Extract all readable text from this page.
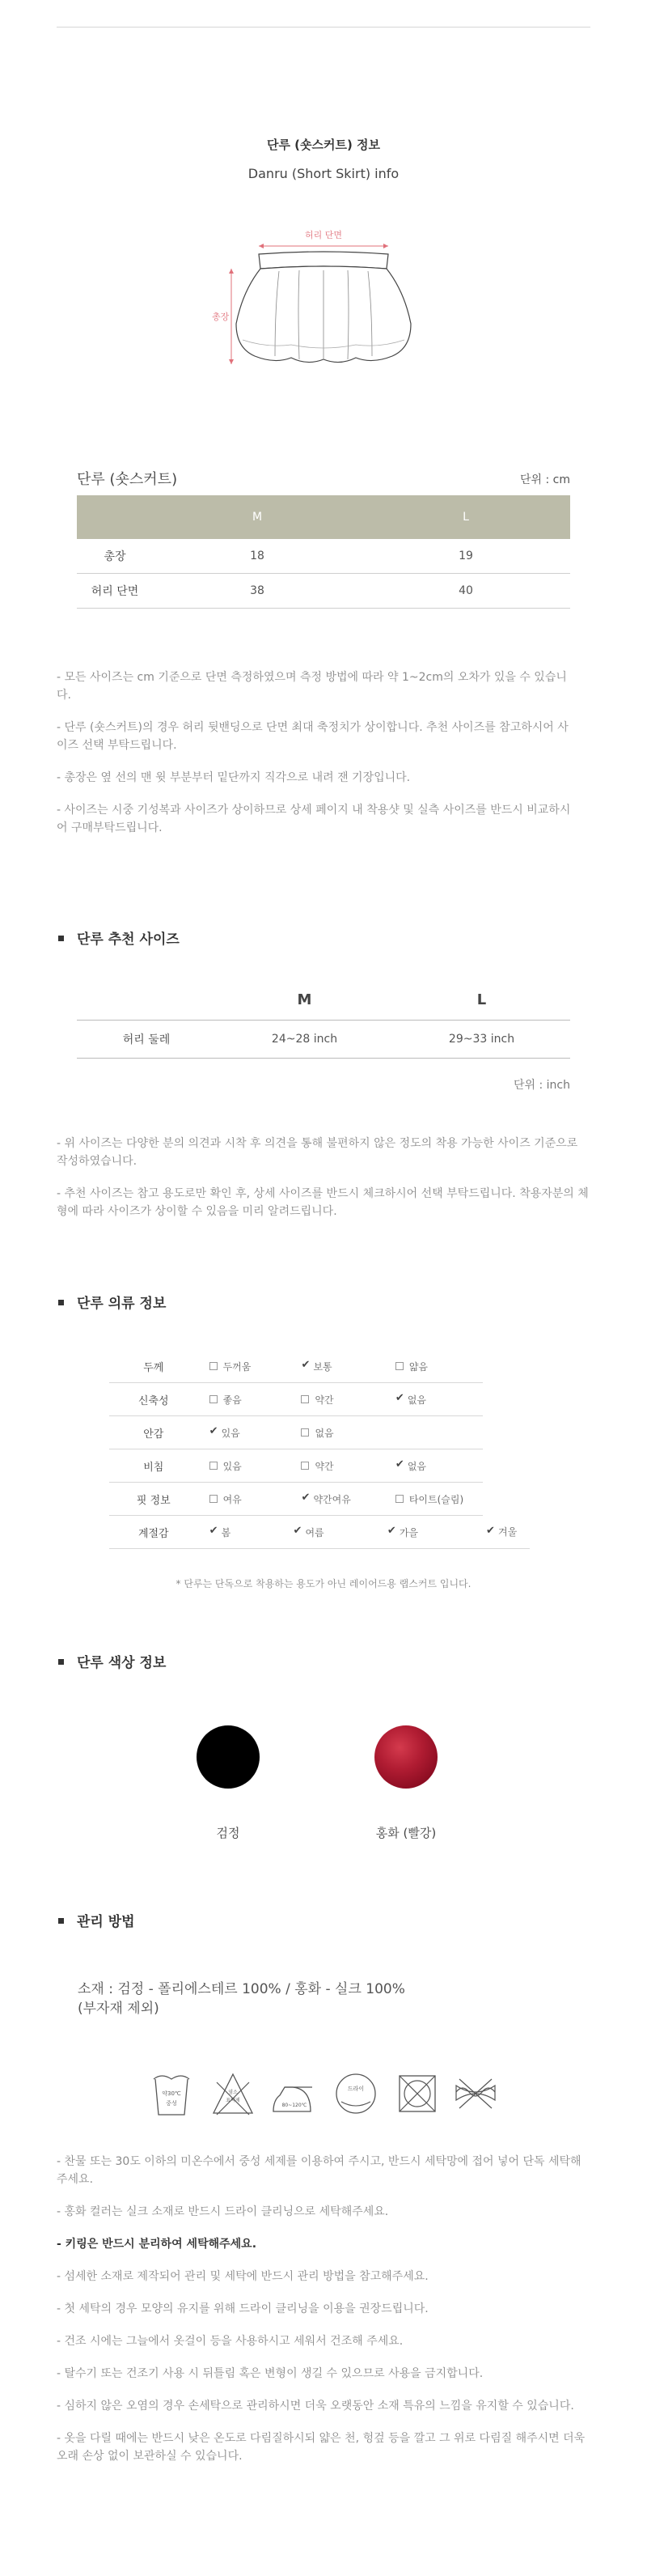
단루 (숏스커트) 정보
Danru (Short Skirt) info
허리 단면
총장
단루 (숏스커트)	단위 : cm
	M	L
총장	18	19
허리 단면	38	40

- 모든 사이즈는 cm 기준으로 단면 측정하였으며 측정 방법에 따라 약 1~2cm의 오차가 있을 수 있습니다.

- 단루 (숏스커트)의 경우 허리 뒷밴딩으로 단면 최대 축정치가 상이합니다. 추천 사이즈를 참고하시어 사이즈 선택 부탁드립니다.

- 총장은 옆 선의 맨 윗 부분부터 밑단까지 직각으로 내려 잰 기장입니다.

- 사이즈는 시중 기성복과 사이즈가 상이하므로 상세 페이지 내 착용샷 및 실측 사이즈를 반드시 비교하시어 구매부탁드립니다.

단루 추천 사이즈
	M	L
허리 둘레	24~28 inch	29~33 inch
단위 : inch

- 위 사이즈는 다양한 분의 의견과 시착 후 의견을 통해 불편하지 않은 정도의 착용 가능한 사이즈 기준으로 작성하였습니다.

- 추천 사이즈는 참고 용도로만 확인 후, 상세 사이즈를 반드시 체크하시어 선택 부탁드립니다. 착용자분의 체형에 따라 사이즈가 상이할 수 있음을 미리 알려드립니다.

단루 의류 정보
두께	두꺼움	✔ 보통	얇음	
신축성	좋음	약간	✔ 없음	
안감	✔ 있음	없음		
비침	있음	약간	✔ 없음	
핏 정보	여유	✔ 약간여유	타이트(슬림)	
계절감	✔ 봄	✔ 여름	✔ 가을	✔ 겨울
* 단루는 단독으로 착용하는 용도가 아닌 레이어드용 랩스커트 입니다.
단루 색상 정보
검정	홍화 (빨강)
관리 방법
소재 : 검정 - 폴리에스테르 100% / 홍화 - 실크 100%
(부자재 제외)
약30℃
중성
염소
표백제
80~120℃
드라이

- 찬물 또는 30도 이하의 미온수에서 중성 세제를 이용하여 주시고, 반드시 세탁망에 접어 넣어 단독 세탁해 주세요.

- 홍화 컬러는 실크 소재로 반드시 드라이 클리닝으로 세탁해주세요.

- 키링은 반드시 분리하여 세탁해주세요.

- 섬세한 소재로 제작되어 관리 및 세탁에 반드시 관리 방법을 참고해주세요.

- 첫 세탁의 경우 모양의 유지를 위해 드라이 클리닝을 이용을 권장드립니다.

- 건조 시에는 그늘에서 옷걸이 등을 사용하시고 세워서 건조해 주세요.

- 탈수기 또는 건조기 사용 시 뒤틀림 혹은 변형이 생길 수 있으므로 사용을 금지합니다.

- 심하지 않은 오염의 경우 손세탁으로 관리하시면 더욱 오랫동안 소재 특유의 느낌을 유지할 수 있습니다.

- 옷을 다릴 때에는 반드시 낮은 온도로 다림질하시되 얇은 천, 헝겊 등을 깔고 그 위로 다림질 해주시면 더욱 오래 손상 없이 보관하실 수 있습니다.
